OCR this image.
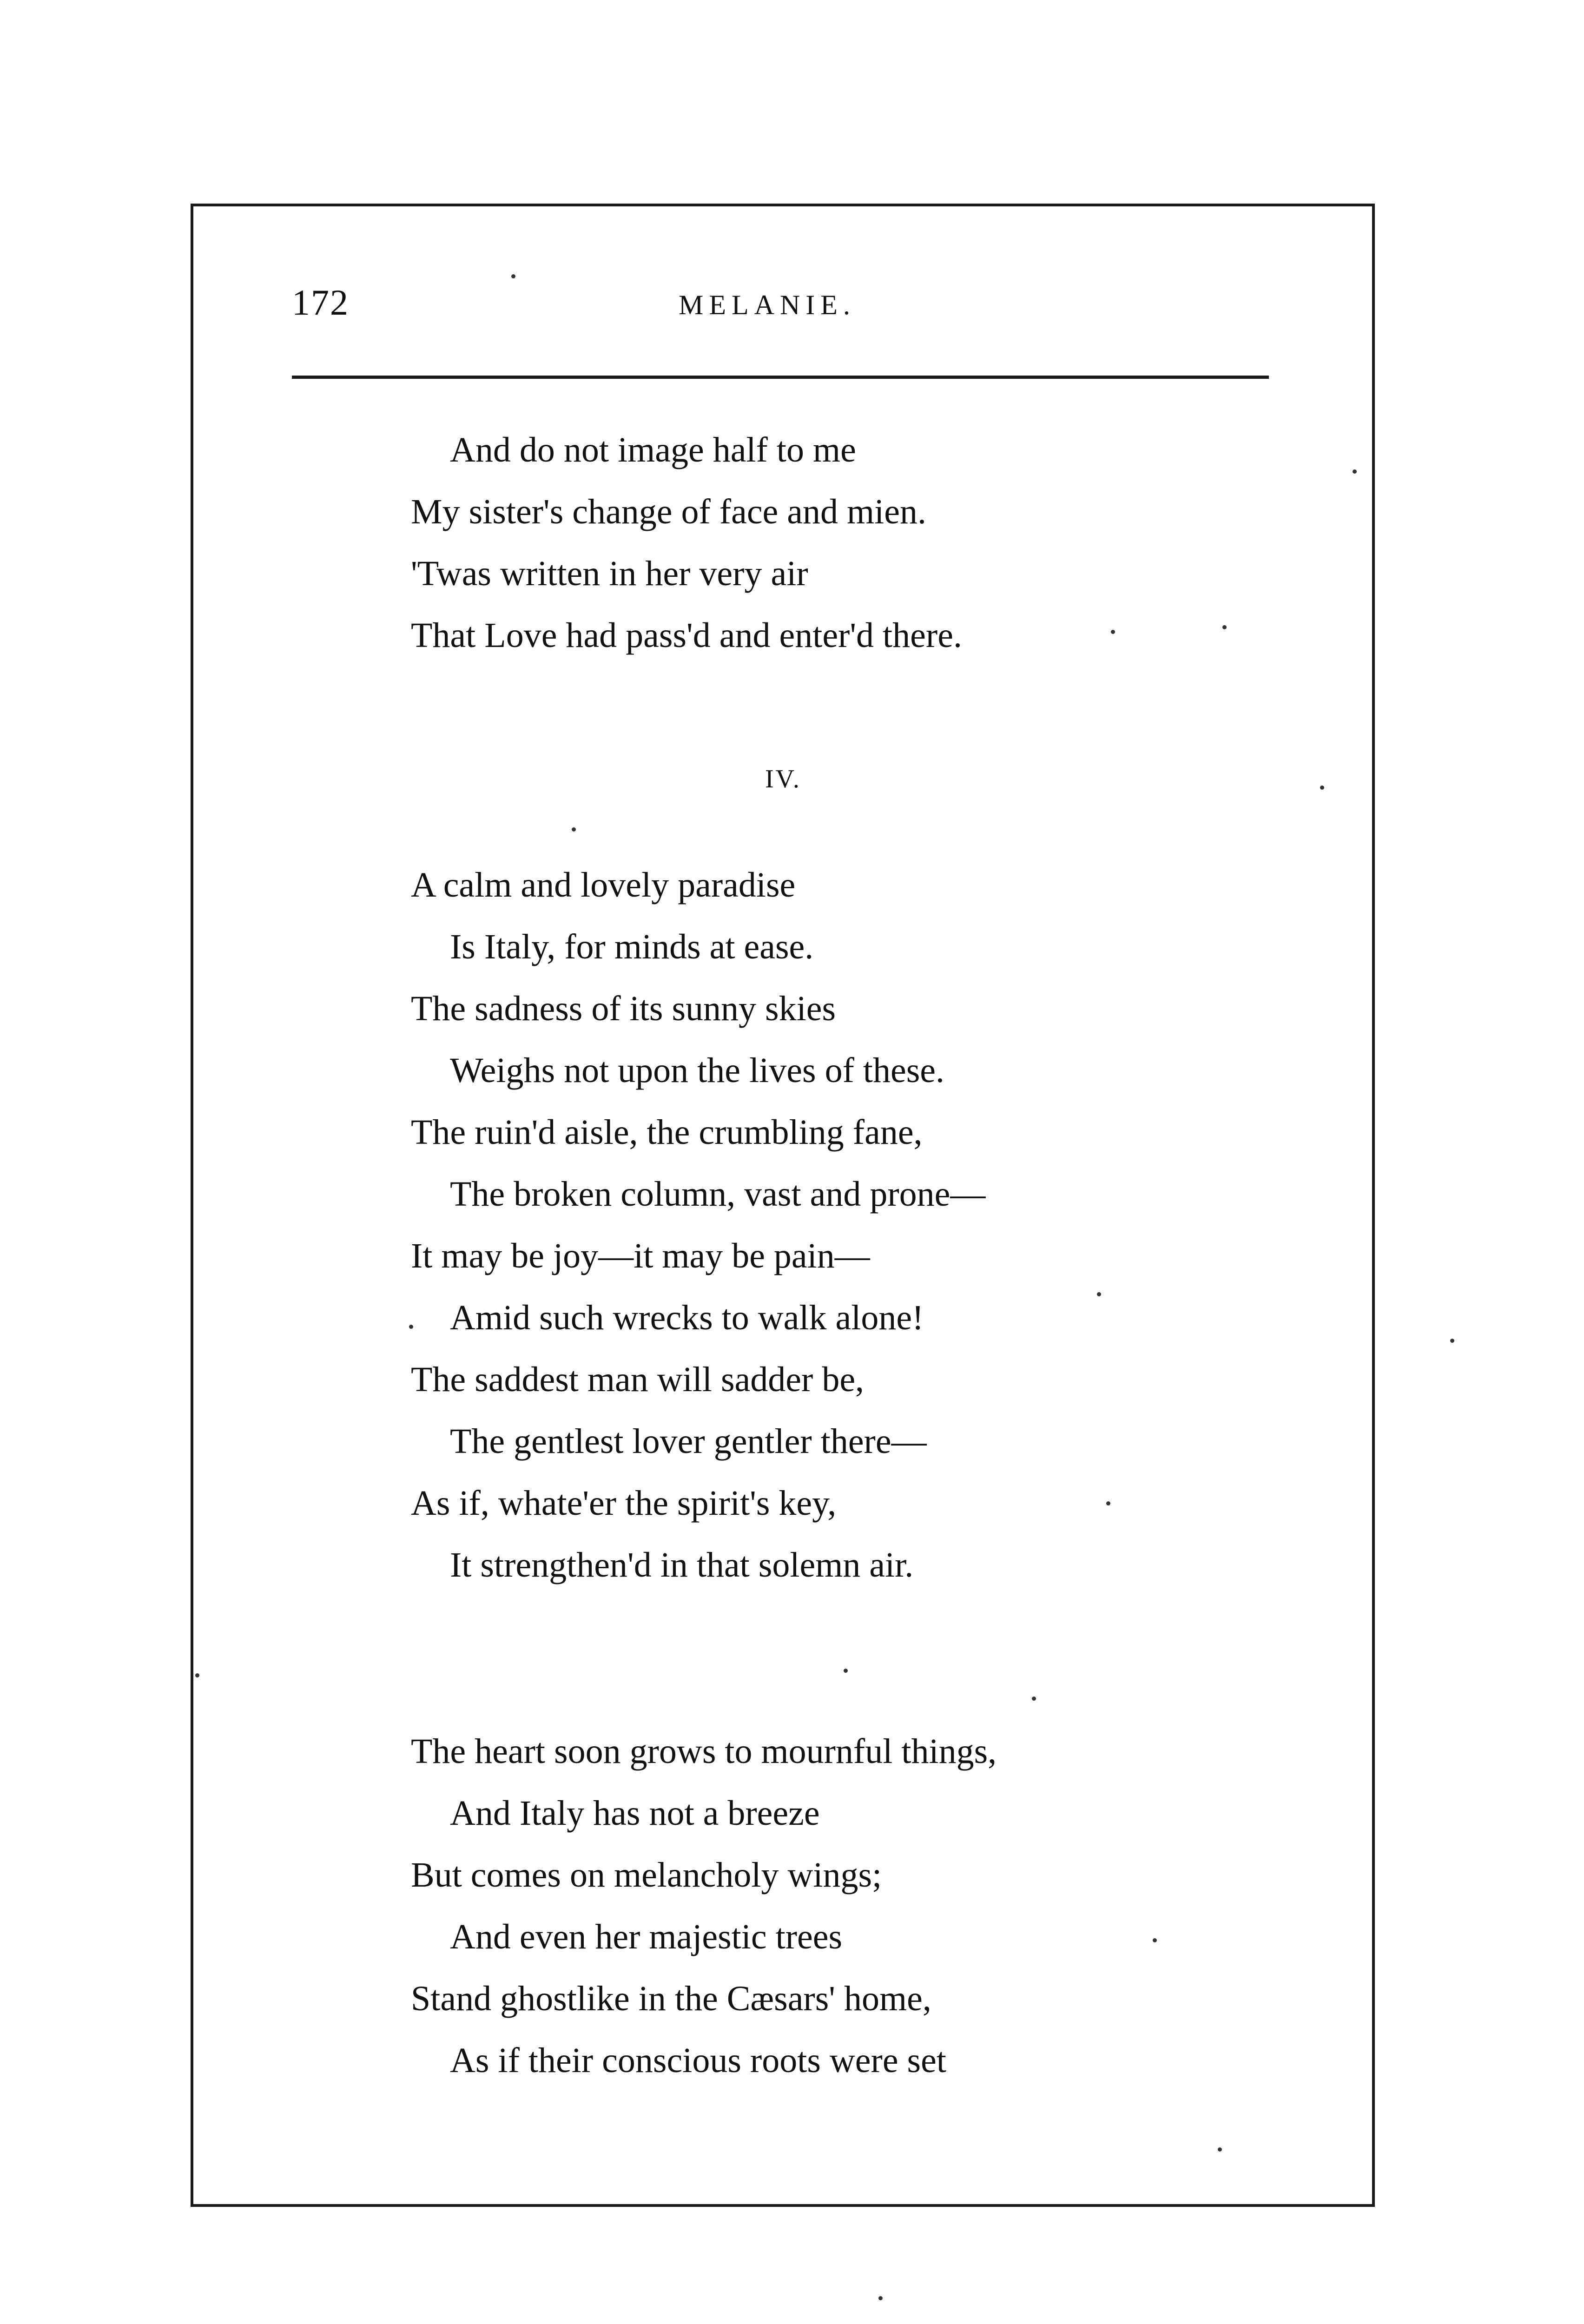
172	MELANIE.
And do not image half to me
My sister's change of face and mien.
'Twas written in her very air
That Love had pass'd and enter'd there.
IV.
A calm and lovely paradise
Is Italy, for minds at ease.
The sadness of its sunny skies
Weighs not upon the lives of these.
The ruin'd aisle, the crumbling fane,
The broken column, vast and prone—
It may be joy—it may be pain—
Amid such wrecks to walk alone!
The saddest man will sadder be,
The gentlest lover gentler there—
As if, whate'er the spirit's key,
It strengthen'd in that solemn air.
The heart soon grows to mournful things,
And Italy has not a breeze
But comes on melancholy wings;
And even her majestic trees
Stand ghostlike in the Cæsars' home,
As if their conscious roots were set
